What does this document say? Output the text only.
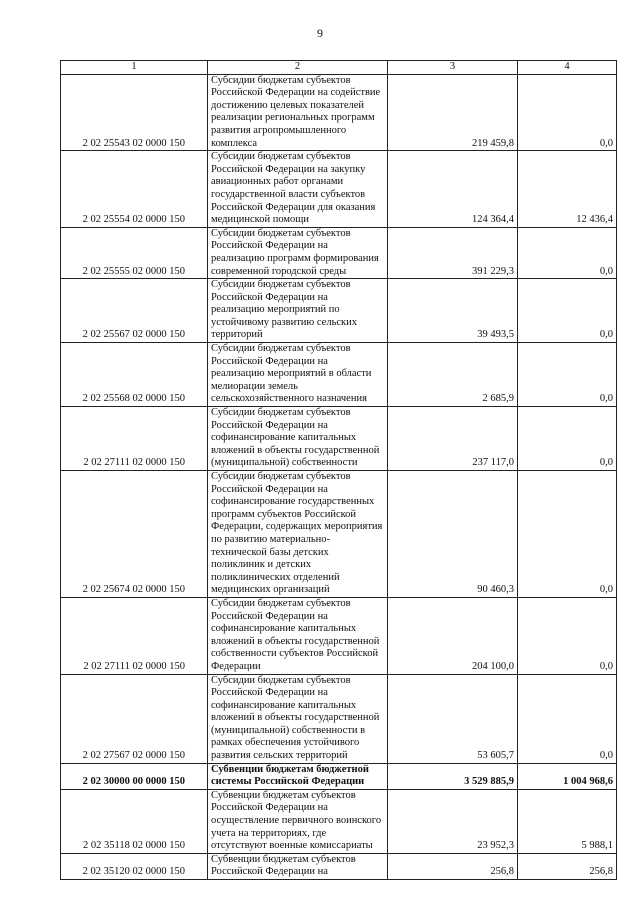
9
1	2	3	4
2 02 25543 02 0000 150	Субсидии бюджетам субъектов Российской Федерации на содействие достижению целевых показателей реализации региональных программ развития агропромышленного комплекса	219 459,8	0,0
2 02 25554 02 0000 150	Субсидии бюджетам субъектов Российской Федерации на закупку авиационных работ органами государственной власти субъектов Российской Федерации для оказания медицинской помощи	124 364,4	12 436,4
2 02 25555 02 0000 150	Субсидии бюджетам субъектов Российской Федерации на реализацию программ формирования современной городской среды	391 229,3	0,0
2 02 25567 02 0000 150	Субсидии бюджетам субъектов Российской Федерации на реализацию мероприятий по устойчивому развитию сельских территорий	39 493,5	0,0
2 02 25568 02 0000 150	Субсидии бюджетам субъектов Российской Федерации на реализацию мероприятий в области мелиорации земель сельскохозяйственного назначения	2 685,9	0,0
2 02 27111 02 0000 150	Субсидии бюджетам субъектов Российской Федерации на софинансирование капитальных вложений в объекты государственной (муниципальной) собственности	237 117,0	0,0
2 02 25674 02 0000 150	Субсидии бюджетам субъектов Российской Федерации на софинансирование государственных программ субъектов Российской Федерации, содержащих мероприятия по развитию материально-технической базы детских поликлиник и детских поликлинических отделений медицинских организаций	90 460,3	0,0
2 02 27111 02 0000 150	Субсидии бюджетам субъектов Российской Федерации на софинансирование капитальных вложений в объекты государственной собственности субъектов Российской Федерации	204 100,0	0,0
2 02 27567 02 0000 150	Субсидии бюджетам субъектов Российской Федерации на софинансирование капитальных вложений в объекты государственной (муниципальной) собственности в рамках обеспечения устойчивого развития сельских территорий	53 605,7	0,0
2 02 30000 00 0000 150	Субвенции бюджетам бюджетной системы Российской Федерации	3 529 885,9	1 004 968,6
2 02 35118 02 0000 150	Субвенции бюджетам субъектов Российской Федерации на осуществление первичного воинского учета на территориях, где отсутствуют военные комиссариаты	23 952,3	5 988,1
2 02 35120 02 0000 150	Субвенции бюджетам субъектов Российской Федерации на	256,8	256,8
